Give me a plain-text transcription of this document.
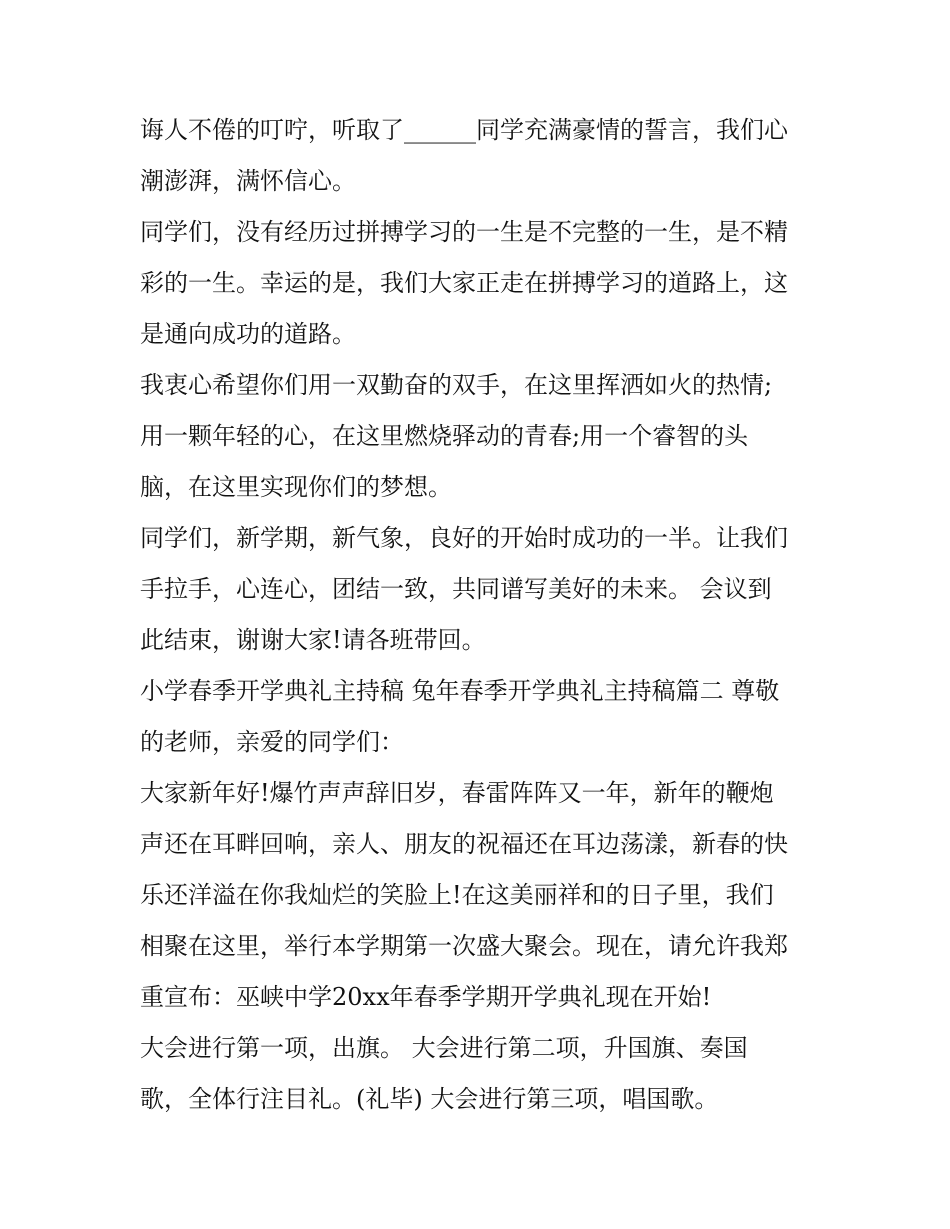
诲人不倦的叮咛，听取了______同学充满豪情的誓言，我们心
潮澎湃，满怀信心。
同学们，没有经历过拼搏学习的一生是不完整的一生，是不精
彩的一生。幸运的是，我们大家正走在拼搏学习的道路上，这
是通向成功的道路。
我衷心希望你们用一双勤奋的双手，在这里挥洒如火的热情;
用一颗年轻的心，在这里燃烧驿动的青春;用一个睿智的头
脑，在这里实现你们的梦想。
同学们，新学期，新气象，良好的开始时成功的一半。让我们
手拉手，心连心，团结一致，共同谱写美好的未来。 会议到
此结束，谢谢大家!请各班带回。
小学春季开学典礼主持稿 兔年春季开学典礼主持稿篇二 尊敬
的老师，亲爱的同学们：
大家新年好!爆竹声声辞旧岁，春雷阵阵又一年，新年的鞭炮
声还在耳畔回响，亲人、朋友的祝福还在耳边荡漾，新春的快
乐还洋溢在你我灿烂的笑脸上!在这美丽祥和的日子里，我们
相聚在这里，举行本学期第一次盛大聚会。现在，请允许我郑
重宣布：巫峡中学20xx年春季学期开学典礼现在开始!
大会进行第一项，出旗。 大会进行第二项，升国旗、奏国
歌，全体行注目礼。(礼毕) 大会进行第三项，唱国歌。
